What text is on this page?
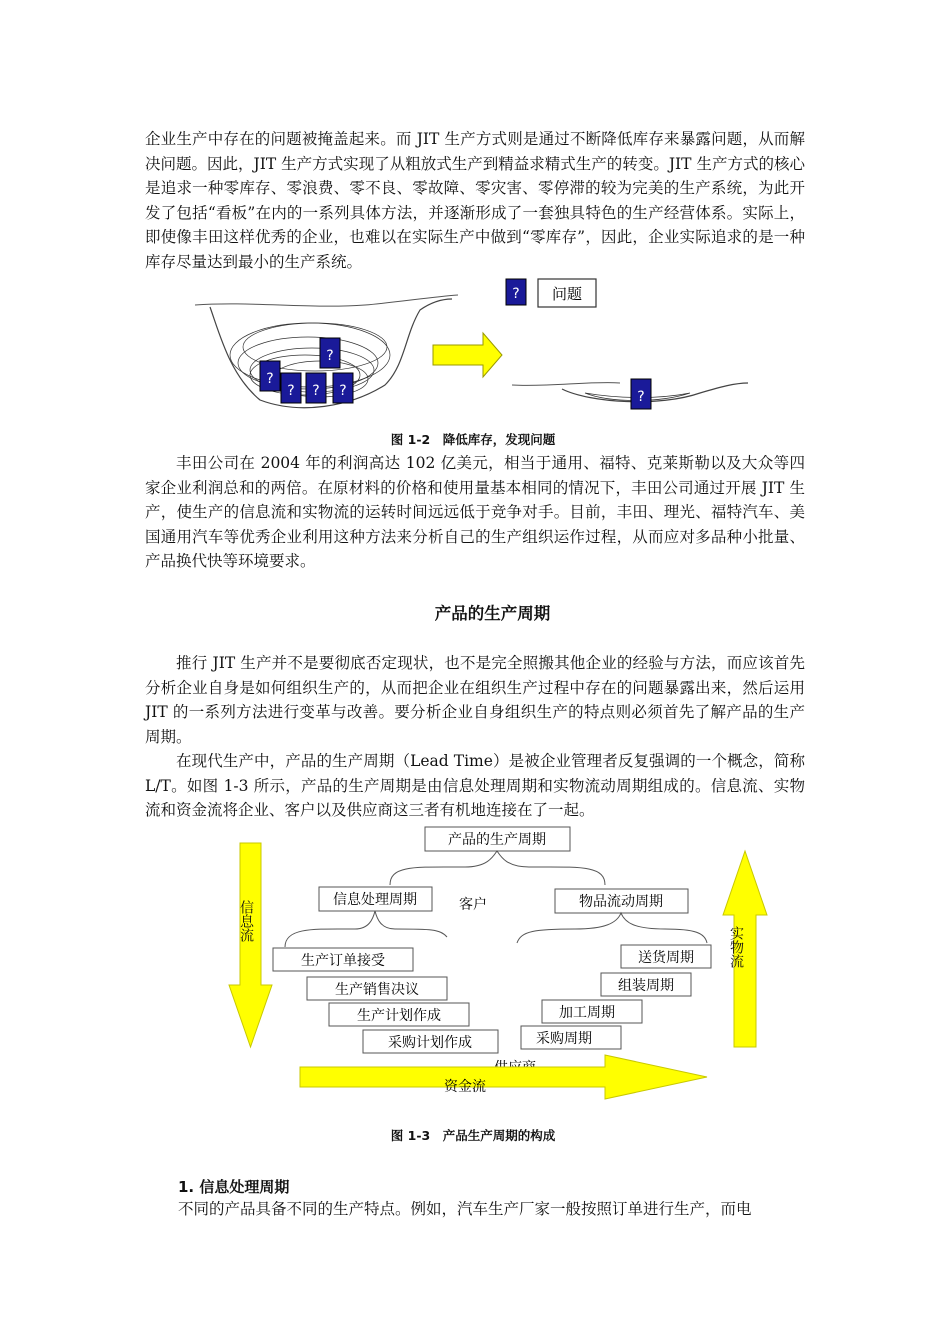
企业生产中存在的问题被掩盖起来。而 JIT 生产方式则是通过不断降低库存来暴露问题，从而解决问题。因此，JIT 生产方式实现了从粗放式生产到精益求精式生产的转变。JIT 生产方式的核心是追求一种零库存、零浪费、零不良、零故障、零灾害、零停滞的较为完美的生产系统，为此开发了包括“看板”在内的一系列具体方法，并逐渐形成了一套独具特色的生产经营体系。实际上，即使像丰田这样优秀的企业，也难以在实际生产中做到“零库存”，因此，企业实际追求的是一种库存尽量达到最小的生产系统。

?
?
? ? ?	?
? 问题
图 1-2　降低库存，发现问题

丰田公司在 2004 年的利润高达 102 亿美元，相当于通用、福特、克莱斯勒以及大众等四家企业利润总和的两倍。在原材料的价格和使用量基本相同的情况下，丰田公司通过开展 JIT 生产，使生产的信息流和实物流的运转时间远远低于竞争对手。目前，丰田、理光、福特汽车、美国通用汽车等优秀企业利用这种方法来分析自己的生产组织运作过程，从而应对多品种小批量、产品换代快等环境要求。

产品的生产周期

推行 JIT 生产并不是要彻底否定现状，也不是完全照搬其他企业的经验与方法，而应该首先分析企业自身是如何组织生产的，从而把企业在组织生产过程中存在的问题暴露出来，然后运用 JIT 的一系列方法进行变革与改善。要分析企业自身组织生产的特点则必须首先了解产品的生产周期。

在现代生产中，产品的生产周期（Lead Time）是被企业管理者反复强调的一个概念，简称 L/T。如图 1-3 所示，产品的生产周期是由信息处理周期和实物流动周期组成的。信息流、实物流和资金流将企业、客户以及供应商这三者有机地连接在了一起。

产品的生产周期
信息处理周期	客户	物品流动周期
生产订单接受
生产销售决议
生产计划作成
采购计划作成
送货周期
组装周期
加工周期
采购周期
资金流
信息流
实物流
图 1-3　产品生产周期的构成
1. 信息处理周期

不同的产品具备不同的生产特点。例如，汽车生产厂家一般按照订单进行生产，而电
